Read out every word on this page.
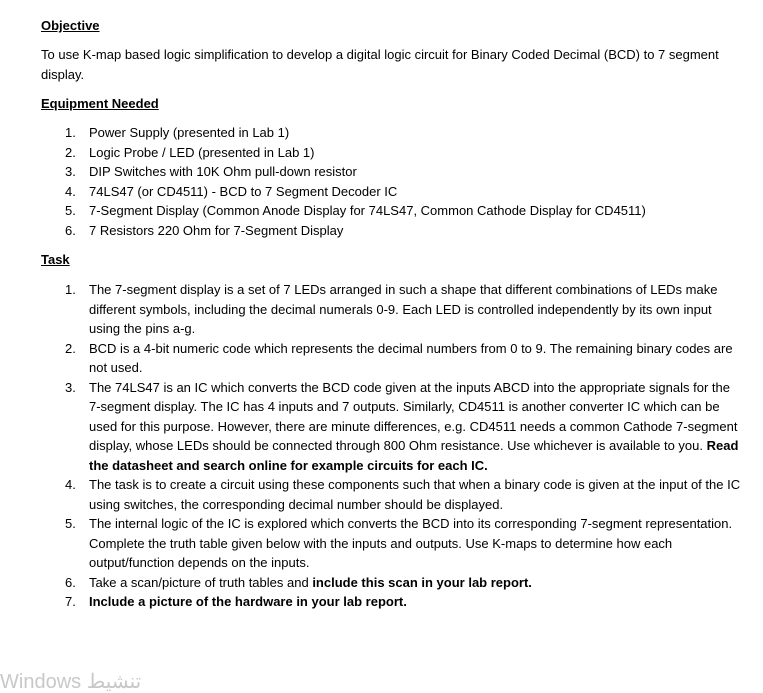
Objective

To use K-map based logic simplification to develop a digital logic circuit for Binary Coded Decimal (BCD) to 7 segment display.

Equipment Needed

1. Power Supply (presented in Lab 1)
2. Logic Probe / LED (presented in Lab 1)
3. DIP Switches with 10K Ohm pull-down resistor
4. 74LS47 (or CD4511) - BCD to 7 Segment Decoder IC
5. 7-Segment Display (Common Anode Display for 74LS47, Common Cathode Display for CD4511)
6. 7 Resistors 220 Ohm for 7-Segment Display

Task

1. The 7-segment display is a set of 7 LEDs arranged in such a shape that different combinations of LEDs make different symbols, including the decimal numerals 0-9. Each LED is controlled independently by its own input using the pins a-g.
2. BCD is a 4-bit numeric code which represents the decimal numbers from 0 to 9. The remaining binary codes are not used.
3. The 74LS47 is an IC which converts the BCD code given at the inputs ABCD into the appropriate signals for the 7-segment display. The IC has 4 inputs and 7 outputs. Similarly, CD4511 is another converter IC which can be used for this purpose. However, there are minute differences, e.g. CD4511 needs a common Cathode 7-segment display, whose LEDs should be connected through 800 Ohm resistance. Use whichever is available to you. Read the datasheet and search online for example circuits for each IC.
4. The task is to create a circuit using these components such that when a binary code is given at the input of the IC using switches, the corresponding decimal number should be displayed.
5. The internal logic of the IC is explored which converts the BCD into its corresponding 7-segment representation. Complete the truth table given below with the inputs and outputs. Use K-maps to determine how each output/function depends on the inputs.
6. Take a scan/picture of truth tables and include this scan in your lab report.
7. Include a picture of the hardware in your lab report.
Windows تنشيط
